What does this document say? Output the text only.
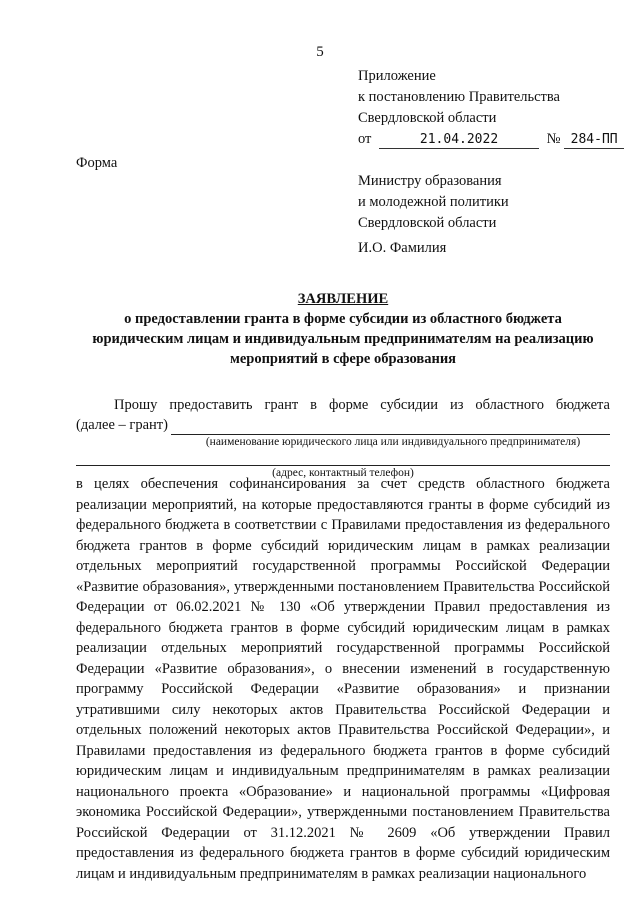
5
Приложение
к постановлению Правительства
Свердловской области
от	21.04.2022	№ 284-ПП
Форма
Министру образования
и молодежной политики
Свердловской области
И.О. Фамилия
ЗАЯВЛЕНИЕ
о предоставлении гранта в форме субсидии из областного бюджета
юридическим лицам и индивидуальным предпринимателям на реализацию
мероприятий в сфере образования
Прошу предоставить грант в форме субсидии из областного бюджета
(далее – грант)
(наименование юридического лица или индивидуального предпринимателя)
(адрес, контактный телефон)
в целях обеспечения софинансирования за счет средств областного бюджета реализации мероприятий, на которые предоставляются гранты в форме субсидий из федерального бюджета в соответствии с Правилами предоставления из федерального бюджета грантов в форме субсидий юридическим лицам в рамках реализации отдельных мероприятий государственной программы Российской Федерации «Развитие образования», утвержденными постановлением Правительства Российской Федерации от 06.02.2021 № 130 «Об утверждении Правил предоставления из федерального бюджета грантов в форме субсидий юридическим лицам в рамках реализации отдельных мероприятий государственной программы Российской Федерации «Развитие образования», о внесении изменений в государственную программу Российской Федерации «Развитие образования» и признании утратившими силу некоторых актов Правительства Российской Федерации и отдельных положений некоторых актов Правительства Российской Федерации», и Правилами предоставления из федерального бюджета грантов в форме субсидий юридическим лицам и индивидуальным предпринимателям в рамках реализации национального проекта «Образование» и национальной программы «Цифровая экономика Российской Федерации», утвержденными постановлением Правительства Российской Федерации от 31.12.2021 № 2609 «Об утверждении Правил предоставления из федерального бюджета грантов в форме субсидий юридическим лицам и индивидуальным предпринимателям в рамках реализации национального
